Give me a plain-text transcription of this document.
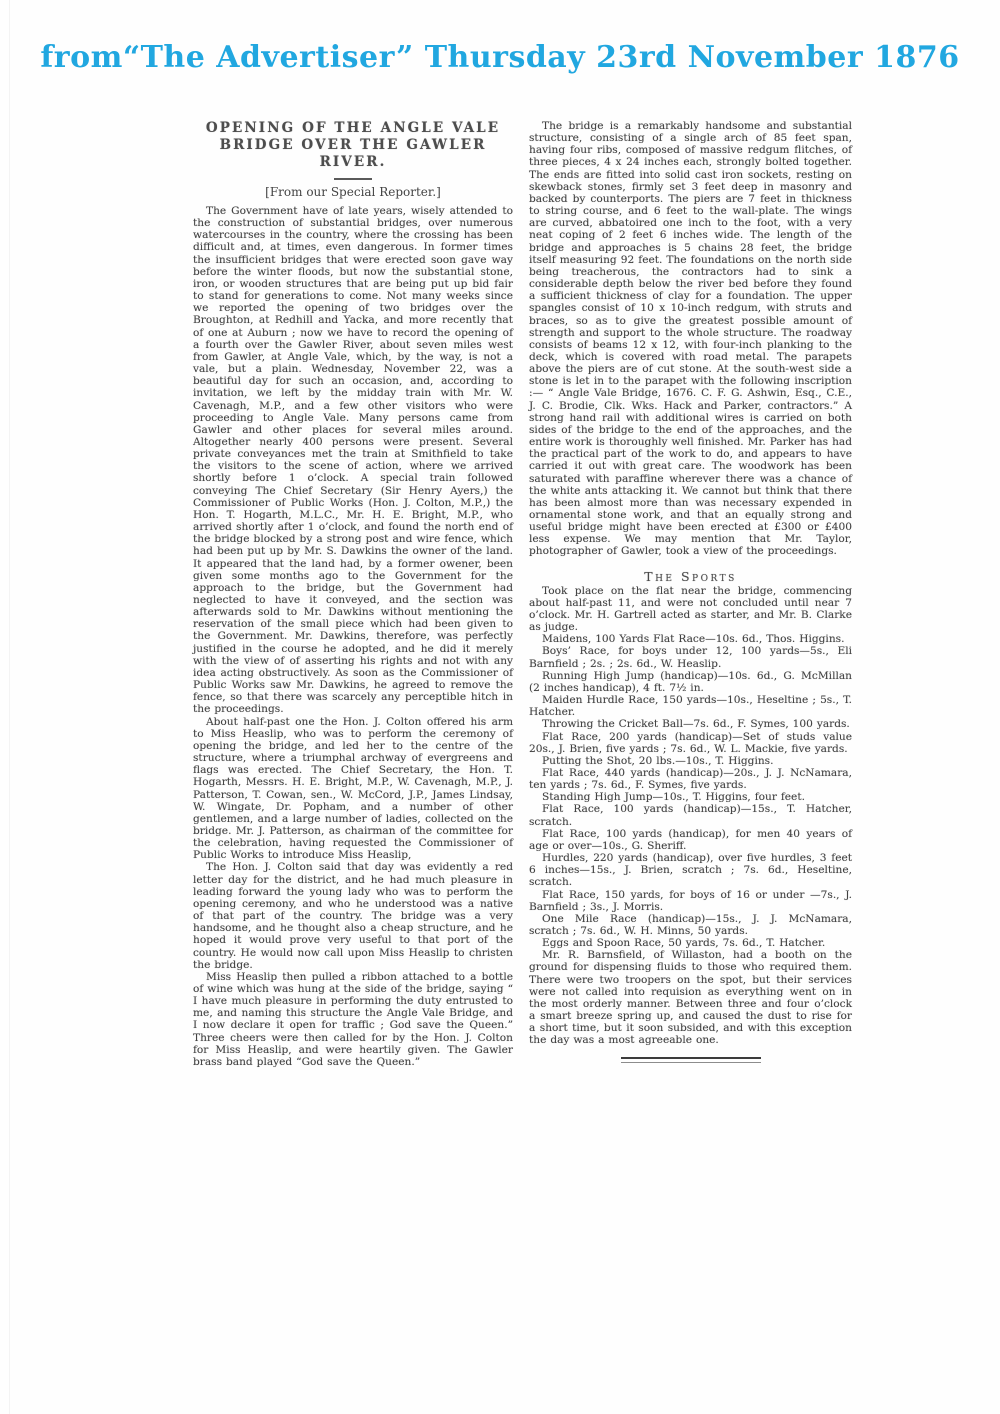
from“The Advertiser” Thursday 23rd November 1876
OPENING OF THE ANGLE VALE
BRIDGE OVER THE GAWLER RIVER.
[From our Special Reporter.]

The Government have of late years, wisely attended to the construction of substantial bridges, over numerous watercourses in the country, where the crossing has been difficult and, at times, even dangerous. In former times the insufficient bridges that were erected soon gave way before the winter floods, but now the substantial stone, iron, or wooden structures that are being put up bid fair to stand for generations to come. Not many weeks since we reported the opening of two bridges over the Broughton, at Redhill and Yacka, and more recently that of one at Auburn ; now we have to record the opening of a fourth over the Gawler River, about seven miles west from Gawler, at Angle Vale, which, by the way, is not a vale, but a plain. Wednesday, November 22, was a beautiful day for such an occasion, and, according to invitation, we left by the midday train with Mr. W. Cavenagh, M.P., and a few other visitors who were proceeding to Angle Vale. Many persons came from Gawler and other places for several miles around. Altogether nearly 400 persons were present. Several private conveyances met the train at Smithfield to take the visitors to the scene of action, where we arrived shortly before 1 o’clock. A special train followed conveying The Chief Secretary (Sir Henry Ayers,) the Commissioner of Public Works (Hon. J. Colton, M.P.,) the Hon. T. Hogarth, M.L.C., Mr. H. E. Bright, M.P., who arrived shortly after 1 o’clock, and found the north end of the bridge blocked by a strong post and wire fence, which had been put up by Mr. S. Dawkins the owner of the land. It appeared that the land had, by a former owener, been given some months ago to the Government for the approach to the bridge, but the Government had neglected to have it conveyed, and the section was afterwards sold to Mr. Dawkins without mentioning the reservation of the small piece which had been given to the Government. Mr. Dawkins, therefore, was perfectly justified in the course he adopted, and he did it merely with the view of of asserting his rights and not with any idea acting obstructively. As soon as the Commissioner of Public Works saw Mr. Dawkins, he agreed to remove the fence, so that there was scarcely any perceptible hitch in the proceedings.

About half-past one the Hon. J. Colton offered his arm to Miss Heaslip, who was to perform the ceremony of opening the bridge, and led her to the centre of the structure, where a triumphal archway of evergreens and flags was erected. The Chief Secretary, the Hon. T. Hogarth, Messrs. H. E. Bright, M.P., W. Cavenagh, M.P., J. Patterson, T. Cowan, sen., W. McCord, J.P., James Lindsay, W. Wingate, Dr. Popham, and a number of other gentlemen, and a large number of ladies, collected on the bridge. Mr. J. Patterson, as chairman of the committee for the celebration, having requested the Commissioner of Public Works to introduce Miss Heaslip,

The Hon. J. Colton said that day was evidently a red letter day for the district, and he had much pleasure in leading forward the young lady who was to perform the opening ceremony, and who he understood was a native of that part of the country. The bridge was a very handsome, and he thought also a cheap structure, and he hoped it would prove very useful to that port of the country. He would now call upon Miss Heaslip to christen the bridge.

Miss Heaslip then pulled a ribbon attached to a bottle of wine which was hung at the side of the bridge, saying “ I have much pleasure in performing the duty entrusted to me, and naming this structure the Angle Vale Bridge, and I now declare it open for traffic ; God save the Queen.” Three cheers were then called for by the Hon. J. Colton for Miss Heaslip, and were heartily given. The Gawler brass band played “God save the Queen.”

The bridge is a remarkably handsome and substantial structure, consisting of a single arch of 85 feet span, having four ribs, composed of massive redgum flitches, of three pieces, 4 x 24 inches each, strongly bolted together. The ends are fitted into solid cast iron sockets, resting on skewback stones, firmly set 3 feet deep in masonry and backed by counterports. The piers are 7 feet in thickness to string course, and 6 feet to the wall-plate. The wings are curved, abbatoired one inch to the foot, with a very neat coping of 2 feet 6 inches wide. The length of the bridge and approaches is 5 chains 28 feet, the bridge itself measuring 92 feet. The foundations on the north side being treacherous, the contractors had to sink a considerable depth below the river bed before they found a sufficient thickness of clay for a foundation. The upper spangles consist of 10 x 10-inch redgum, with struts and braces, so as to give the greatest possible amount of strength and support to the whole structure. The roadway consists of beams 12 x 12, with four-inch planking to the deck, which is covered with road metal. The parapets above the piers are of cut stone. At the south-west side a stone is let in to the parapet with the following inscription :— “ Angle Vale Bridge, 1676. C. F. G. Ashwin, Esq., C.E., J. C. Brodie, Clk. Wks. Hack and Parker, contractors.” A strong hand rail with additional wires is carried on both sides of the bridge to the end of the approaches, and the entire work is thoroughly well finished. Mr. Parker has had the practical part of the work to do, and appears to have carried it out with great care. The woodwork has been saturated with paraffine wherever there was a chance of the white ants attacking it. We cannot but think that there has been almost more than was necessary expended in ornamental stone work, and that an equally strong and useful bridge might have been erected at £300 or £400 less expense. We may mention that Mr. Taylor, photographer of Gawler, took a view of the proceedings.

The Sports

Took place on the flat near the bridge, commencing about half-past 11, and were not concluded until near 7 o’clock. Mr. H. Gartrell acted as starter, and Mr. B. Clarke as judge.

Maidens, 100 Yards Flat Race—10s. 6d., Thos. Higgins.

Boys’ Race, for boys under 12, 100 yards—5s., Eli Barnfield ; 2s. ; 2s. 6d., W. Heaslip.

Running High Jump (handicap)—10s. 6d., G. McMillan (2 inches handicap), 4 ft. 7½ in.

Maiden Hurdle Race, 150 yards—10s., Heseltine ; 5s., T. Hatcher.

Throwing the Cricket Ball—7s. 6d., F. Symes, 100 yards.

Flat Race, 200 yards (handicap)—Set of studs value 20s., J. Brien, five yards ; 7s. 6d., W. L. Mackie, five yards.

Putting the Shot, 20 lbs.—10s., T. Higgins.

Flat Race, 440 yards (handicap)—20s., J. J. NcNamara, ten yards ; 7s. 6d., F. Symes, five yards.

Standing High Jump—10s., T. Higgins, four feet.

Flat Race, 100 yards (handicap)—15s., T. Hatcher, scratch.

Flat Race, 100 yards (handicap), for men 40 years of age or over—10s., G. Sheriff.

Hurdles, 220 yards (handicap), over five hurdles, 3 feet 6 inches—15s., J. Brien, scratch ; 7s. 6d., Heseltine, scratch.

Flat Race, 150 yards, for boys of 16 or under —7s., J. Barnfield ; 3s., J. Morris.

One Mile Race (handicap)—15s., J. J. McNamara, scratch ; 7s. 6d., W. H. Minns, 50 yards.

Eggs and Spoon Race, 50 yards, 7s. 6d., T. Hatcher.

Mr. R. Barnsfield, of Willaston, had a booth on the ground for dispensing fluids to those who required them. There were two troopers on the spot, but their services were not called into requision as everything went on in the most orderly manner. Between three and four o’clock a smart breeze spring up, and caused the dust to rise for a short time, but it soon subsided, and with this exception the day was a most agreeable one.
